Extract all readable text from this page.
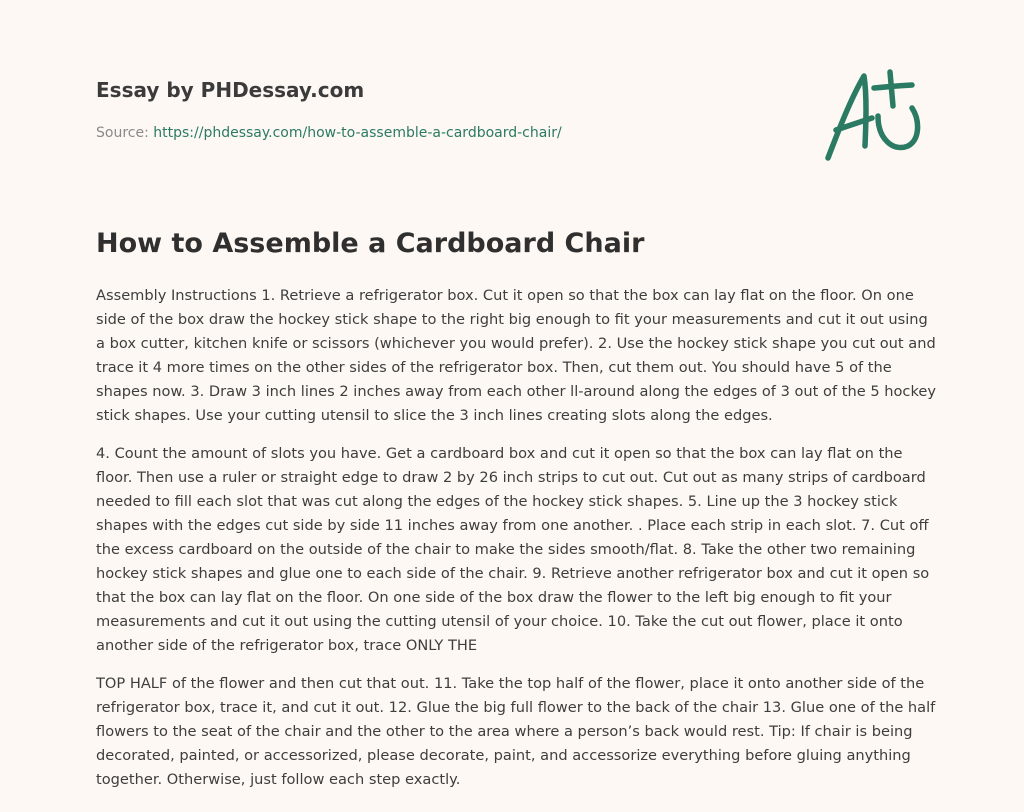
Essay by PHDessay.com
Source: https://phdessay.com/how-to-assemble-a-cardboard-chair/
How to Assemble a Cardboard Chair

Assembly Instructions 1. Retrieve a refrigerator box. Cut it open so that the box can lay flat on the floor. On one side of the box draw the hockey stick shape to the right big enough to fit your measurements and cut it out using a box cutter, kitchen knife or scissors (whichever you would prefer). 2. Use the hockey stick shape you cut out and trace it 4 more times on the other sides of the refrigerator box. Then, cut them out. You should have 5 of the shapes now. 3. Draw 3 inch lines 2 inches away from each other ll-around along the edges of 3 out of the 5 hockey stick shapes. Use your cutting utensil to slice the 3 inch lines creating slots along the edges.

4. Count the amount of slots you have. Get a cardboard box and cut it open so that the box can lay flat on the floor. Then use a ruler or straight edge to draw 2 by 26 inch strips to cut out. Cut out as many strips of cardboard needed to fill each slot that was cut along the edges of the hockey stick shapes. 5. Line up the 3 hockey stick shapes with the edges cut side by side 11 inches away from one another. . Place each strip in each slot. 7. Cut off the excess cardboard on the outside of the chair to make the sides smooth/flat. 8. Take the other two remaining hockey stick shapes and glue one to each side of the chair. 9. Retrieve another refrigerator box and cut it open so that the box can lay flat on the floor. On one side of the box draw the flower to the left big enough to fit your measurements and cut it out using the cutting utensil of your choice. 10. Take the cut out flower, place it onto another side of the refrigerator box, trace ONLY THE

TOP HALF of the flower and then cut that out. 11. Take the top half of the flower, place it onto another side of the refrigerator box, trace it, and cut it out. 12. Glue the big full flower to the back of the chair 13. Glue one of the half flowers to the seat of the chair and the other to the area where a person’s back would rest. Tip: If chair is being decorated, painted, or accessorized, please decorate, paint, and accessorize everything before gluing anything together. Otherwise, just follow each step exactly.
